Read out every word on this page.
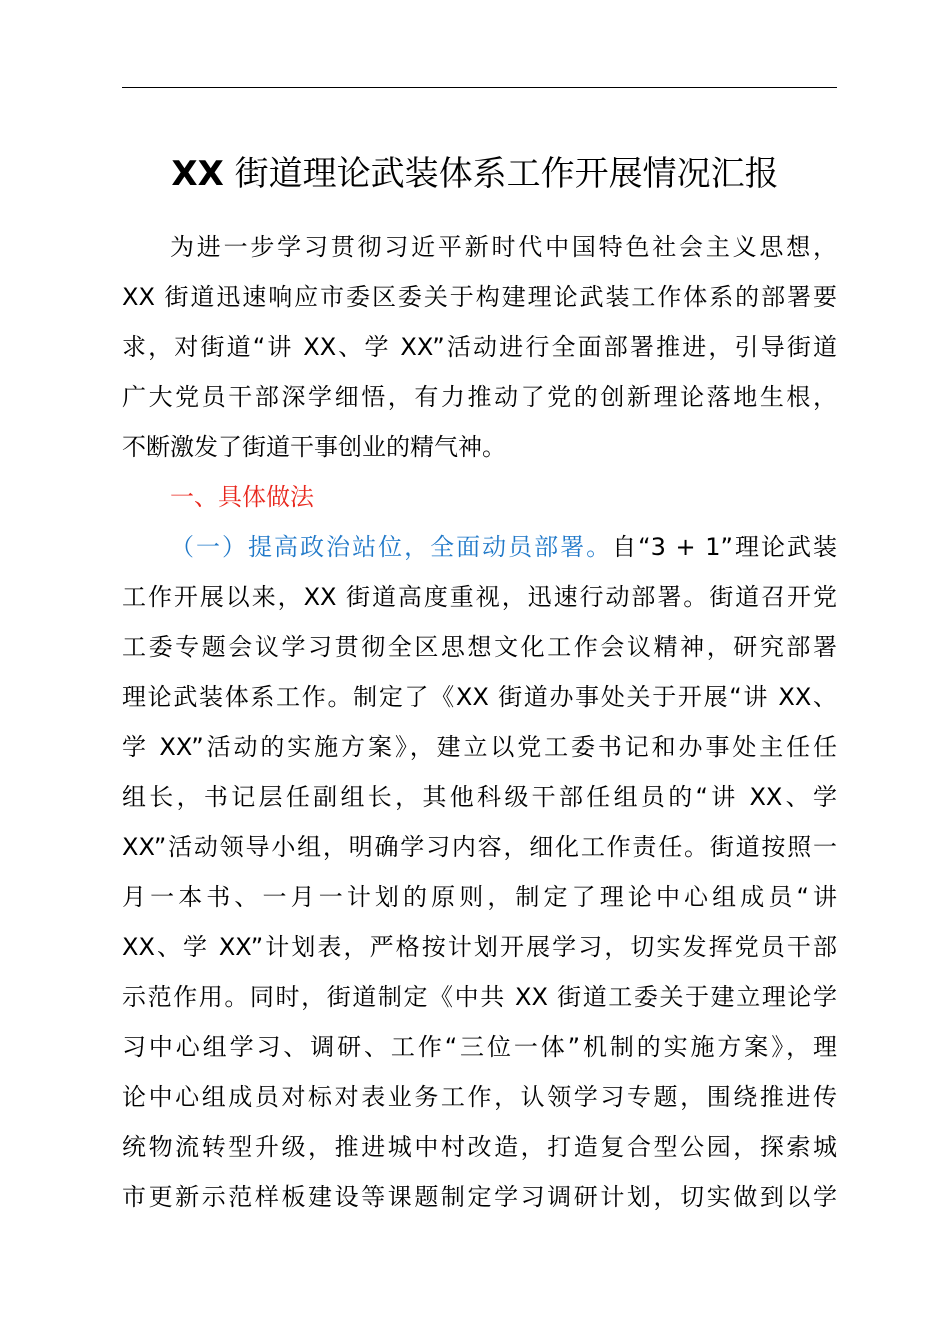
XX 街道理论武装体系工作开展情况汇报
为进一步学习贯彻习近平新时代中国特色社会主义思想，
XX 街道迅速响应市委区委关于构建理论武装工作体系的部署要
求，对街道“讲 XX、学 XX”活动进行全面部署推进，引导街道
广大党员干部深学细悟，有力推动了党的创新理论落地生根，
不断激发了街道干事创业的精气神。
一、具体做法
（一）提高政治站位，全面动员部署。自“3 + 1”理论武装
工作开展以来，XX 街道高度重视，迅速行动部署。街道召开党
工委专题会议学习贯彻全区思想文化工作会议精神，研究部署
理论武装体系工作。制定了《XX 街道办事处关于开展“讲 XX、
学 XX”活动的实施方案》，建立以党工委书记和办事处主任任
组长，书记层任副组长，其他科级干部任组员的“讲 XX、学
XX”活动领导小组，明确学习内容，细化工作责任。街道按照一
月一本书、一月一计划的原则，制定了理论中心组成员“讲
XX、学 XX”计划表，严格按计划开展学习，切实发挥党员干部
示范作用。同时，街道制定《中共 XX 街道工委关于建立理论学
习中心组学习、调研、工作“三位一体”机制的实施方案》，理
论中心组成员对标对表业务工作，认领学习专题，围绕推进传
统物流转型升级，推进城中村改造，打造复合型公园，探索城
市更新示范样板建设等课题制定学习调研计划，切实做到以学
